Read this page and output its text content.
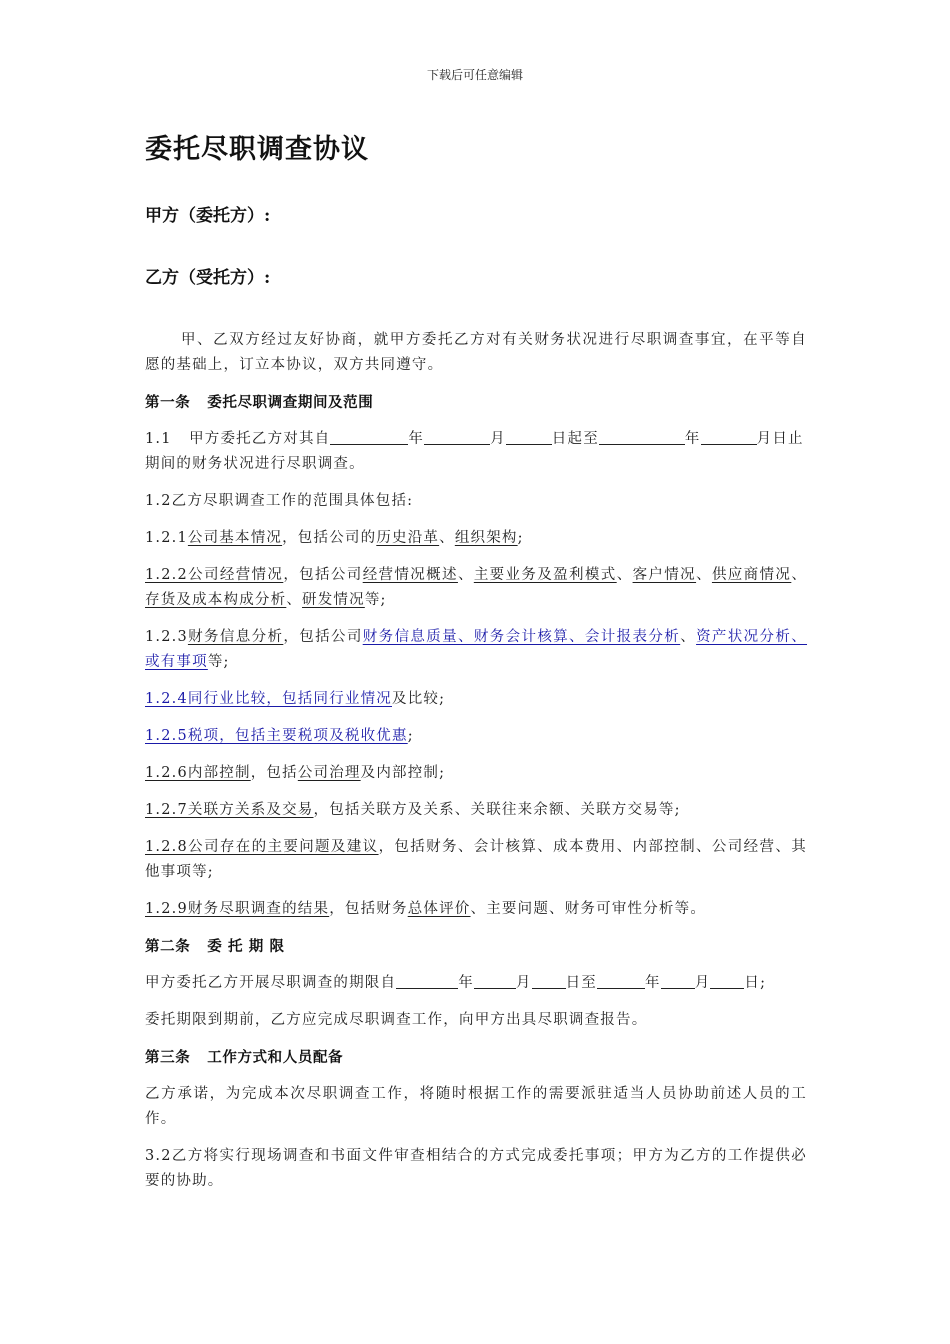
下载后可任意编辑
委托尽职调查协议
甲方（委托方）:
乙方（受托方）:

甲、乙双方经过友好协商，就甲方委托乙方对有关财务状况进行尽职调查事宜，在平等自愿的基础上，订立本协议，双方共同遵守。

第一条   委托尽职调查期间及范围

1.1   甲方委托乙方对其自	年	月	日起至	年	月日止期间的财务状况进行尽职调查。

1.2乙方尽职调查工作的范围具体包括:

1.2.1公司基本情况，包括公司的历史沿革、组织架构;

1.2.2公司经营情况，包括公司经营情况概述、主要业务及盈利模式、客户情况、供应商情况、存货及成本构成分析、研发情况等;

1.2.3财务信息分析，包括公司财务信息质量、财务会计核算、会计报表分析、资产状况分析、或有事项等;

1.2.4同行业比较，包括同行业情况及比较;

1.2.5税项，包括主要税项及税收优惠;

1.2.6内部控制，包括公司治理及内部控制;

1.2.7关联方关系及交易，包括关联方及关系、关联往来余额、关联方交易等;

1.2.8公司存在的主要问题及建议，包括财务、会计核算、成本费用、内部控制、公司经营、其他事项等;

1.2.9财务尽职调查的结果，包括财务总体评价、主要问题、财务可审性分析等。

第二条   委 托 期 限

甲方委托乙方开展尽职调查的期限自	年	月 日至	年 月 日;

委托期限到期前，乙方应完成尽职调查工作，向甲方出具尽职调查报告。

第三条   工作方式和人员配备

乙方承诺，为完成本次尽职调查工作，将随时根据工作的需要派驻适当人员协助前述人员的工作。

3.2乙方将实行现场调查和书面文件审查相结合的方式完成委托事项；甲方为乙方的工作提供必要的协助。
